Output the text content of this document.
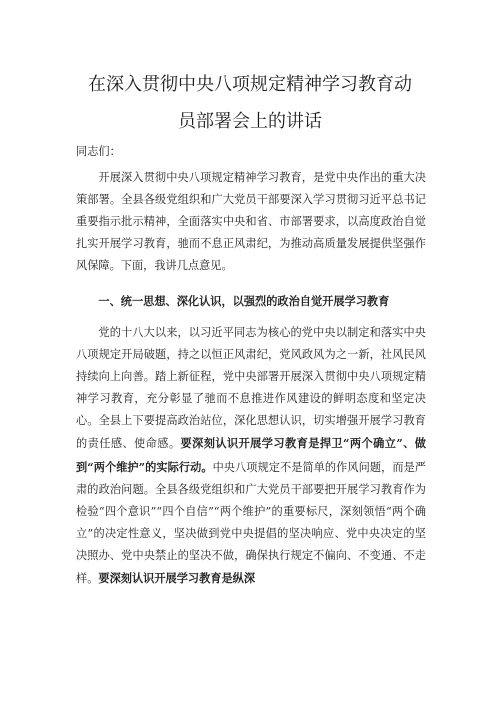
在深入贯彻中央八项规定精神学习教育动
员部署会上的讲话
同志们：
开展深入贯彻中央八项规定精神学习教育，是党中央作出的重大决策部署。全县各级党组织和广大党员干部要深入学习贯彻习近平总书记重要指示批示精神，全面落实中央和省、市部署要求，以高度政治自觉扎实开展学习教育，驰而不息正风肃纪，为推动高质量发展提供坚强作风保障。下面，我讲几点意见。
一、统一思想、深化认识，以强烈的政治自觉开展学习教育
党的十八大以来，以习近平同志为核心的党中央以制定和落实中央八项规定开局破题，持之以恒正风肃纪，党风政风为之一新，社风民风持续向上向善。踏上新征程，党中央部署开展深入贯彻中央八项规定精神学习教育，充分彰显了驰而不息推进作风建设的鲜明态度和坚定决心。全县上下要提高政治站位，深化思想认识，切实增强开展学习教育的责任感、使命感。要深刻认识开展学习教育是捍卫“两个确立”、做到“两个维护”的实际行动。中央八项规定不是简单的作风问题，而是严肃的政治问题。全县各级党组织和广大党员干部要把开展学习教育作为检验“四个意识”“四个自信”“两个维护”的重要标尺，深刻领悟“两个确立”的决定性意义，坚决做到党中央提倡的坚决响应、党中央决定的坚决照办、党中央禁止的坚决不做，确保执行规定不偏向、不变通、不走样。要深刻认识开展学习教育是纵深
